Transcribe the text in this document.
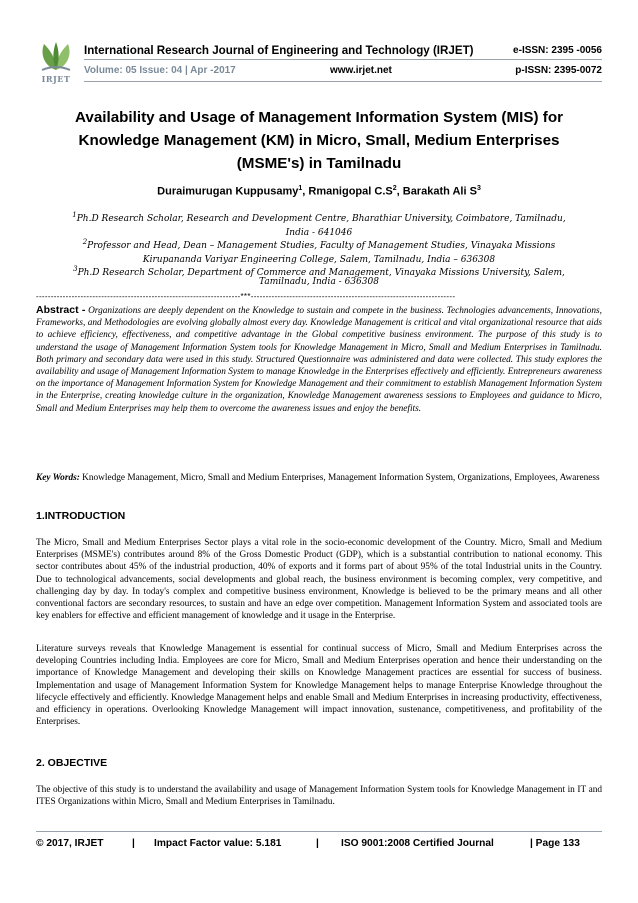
IRJET
International Research Journal of Engineering and Technology (IRJET)	e-ISSN: 2395 -0056
Volume: 05 Issue: 04 | Apr -2017	www.irjet.net	p-ISSN: 2395-0072
Availability and Usage of Management Information System (MIS) for
Knowledge Management (KM) in Micro, Small, Medium Enterprises
(MSME's) in Tamilnadu
Duraimurugan Kuppusamy$^1$, Rmanigopal $C.S^2$, Barakath Ali $S^3$
$^1$Ph.D Research Scholar, Research and Development Centre, Bharathiar University, Coimbatore, Tamilnadu,
India - 641046
$^2$Professor and Head, Dean – Management Studies, Faculty of Management Studies, Vinayaka Missions
Kirupananda Variyar Engineering College, Salem, Tamilnadu, India – 636308
$^3$Ph.D Research Scholar, Department of Commerce and Management, Vinayaka Missions University, Salem,
Tamilnadu, India - 636308
---------------------------------------------------------------------***---------------------------------------------------------------------
Abstract - Organizations are deeply dependent on the Knowledge to sustain and compete in the business. Technologies advancements, Innovations, Frameworks, and Methodologies are evolving globally almost every day. Knowledge Management is critical and vital organizational resource that aids to achieve efficiency, effectiveness, and competitive advantage in the Global competitive business environment. The purpose of this study is to understand the usage of Management Information System tools for Knowledge Management in Micro, Small and Medium Enterprises in Tamilnadu. Both primary and secondary data were used in this study. Structured Questionnaire was administered and data were collected. This study explores the availability and usage of Management Information System to manage Knowledge in the Enterprises effectively and efficiently. Entrepreneurs awareness on the importance of Management Information System for Knowledge Management and their commitment to establish Management Information System in the Enterprise, creating knowledge culture in the organization, Knowledge Management awareness sessions to Employees and guidance to Micro, Small and Medium Enterprises may help them to overcome the awareness issues and enjoy the benefits.
Key Words: Knowledge Management, Micro, Small and Medium Enterprises, Management Information System, Organizations, Employees, Awareness
1.INTRODUCTION
The Micro, Small and Medium Enterprises Sector plays a vital role in the socio-economic development of the Country. Micro, Small and Medium Enterprises (MSME's) contributes around 8% of the Gross Domestic Product (GDP), which is a substantial contribution to national economy. This sector contributes about 45% of the industrial production, 40% of exports and it forms part of about 95% of the total Industrial units in the Country. Due to technological advancements, social developments and global reach, the business environment is becoming complex, very competitive, and challenging day by day. In today's complex and competitive business environment, Knowledge is believed to be the primary means and all other conventional factors are secondary resources, to sustain and have an edge over competition. Management Information System and associated tools are key enablers for effective and efficient management of knowledge and it usage in the Enterprise.
Literature surveys reveals that Knowledge Management is essential for continual success of Micro, Small and Medium Enterprises across the developing Countries including India. Employees are core for Micro, Small and Medium Enterprises operation and hence their understanding on the importance of Knowledge Management and developing their skills on Knowledge Management practices are essential for success of business. Implementation and usage of Management Information System for Knowledge Management helps to manage Enterprise Knowledge throughout the lifecycle effectively and efficiently. Knowledge Management helps and enable Small and Medium Enterprises in increasing productivity, effectiveness, and efficiency in operations. Overlooking Knowledge Management will impact innovation, sustenance, competitiveness, and profitability of the Enterprises.
2. OBJECTIVE
The objective of this study is to understand the availability and usage of Management Information System tools for Knowledge Management in IT and ITES Organizations within Micro, Small and Medium Enterprises in Tamilnadu.
© 2017, IRJET	| Impact Factor value: 5.181	| ISO 9001:2008 Certified Journal	| Page 133
